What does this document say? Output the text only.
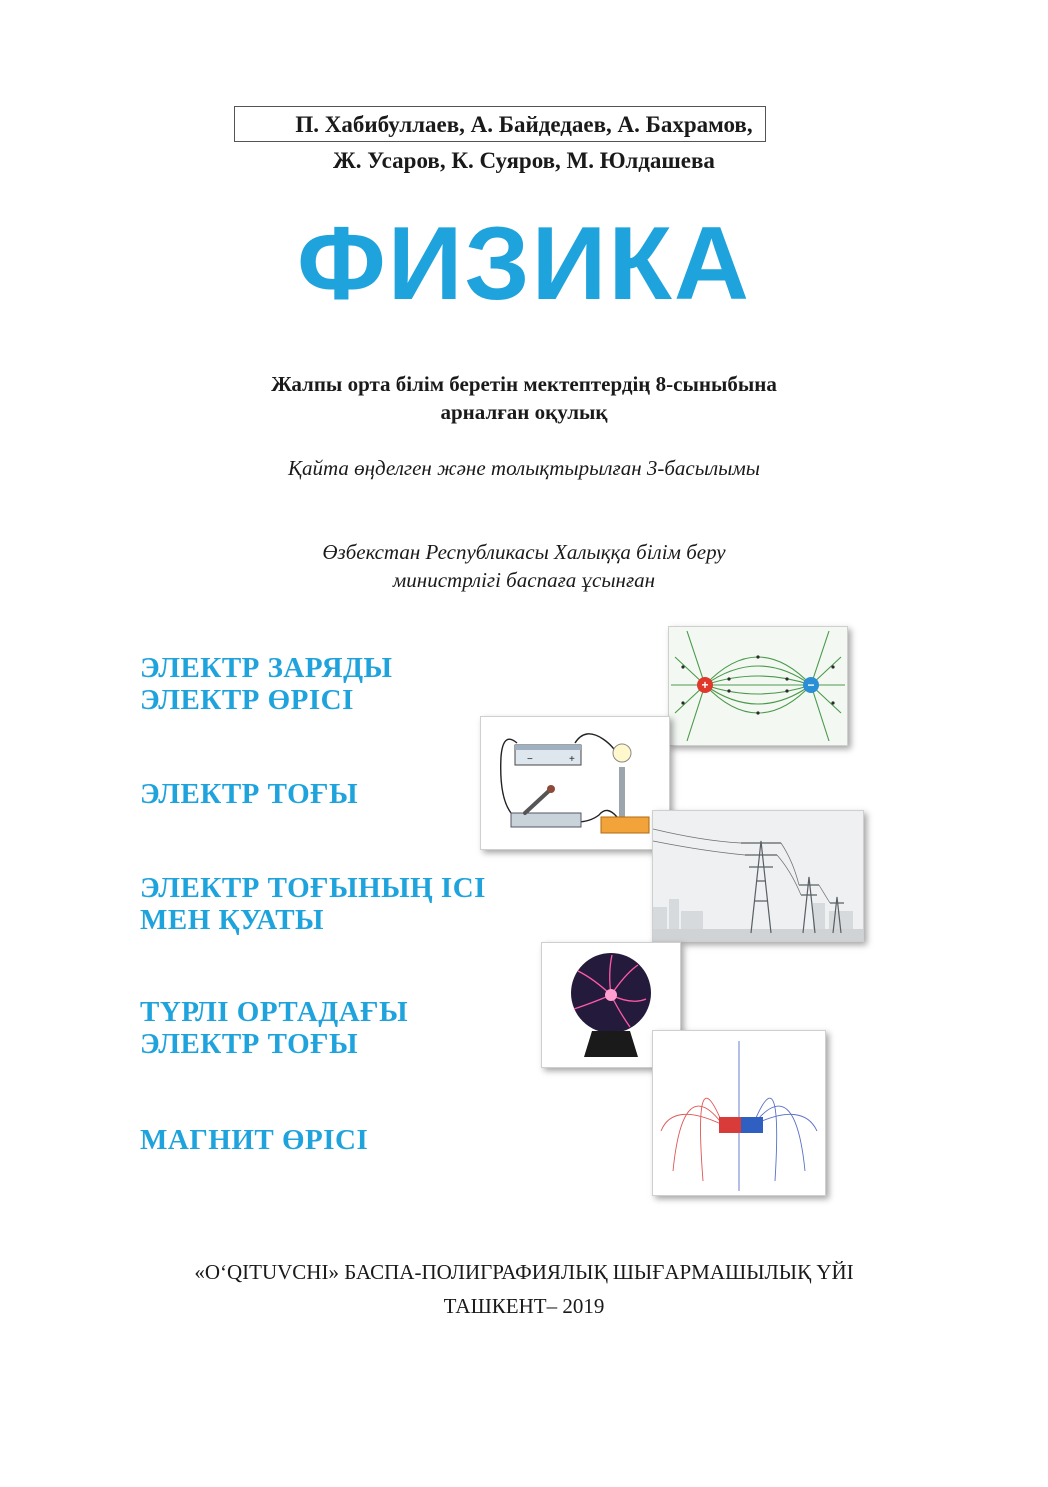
П. Хабибуллаев, А. Байдедаев, А. Бахрамов,
Ж. Усаров, К. Суяров, М. Юлдашева
ФИЗИКА
Жалпы орта білім беретін мектептердің 8-сыныбына
арналған оқулық
Қайта өңделген және толықтырылған 3-басылымы
Өзбекстан Республикасы Халыққа білім беру
министрлігі баспаға ұсынған
ЭЛЕКТР ЗАРЯДЫ
ЭЛЕКТР ӨРІСІ
ЭЛЕКТР ТОҒЫ
ЭЛЕКТР ТОҒЫНЫҢ ІСІ
МЕН ҚУАТЫ
ТҮРЛІ ОРТАДАҒЫ
ЭЛЕКТР ТОҒЫ
МАГНИТ ӨРІСІ
+	−
−	+
«O‘QITUVCHI» БАСПА-ПОЛИГРАФИЯЛЫҚ ШЫҒАРМАШЫЛЫҚ ҮЙІ
ТАШКЕНТ– 2019
